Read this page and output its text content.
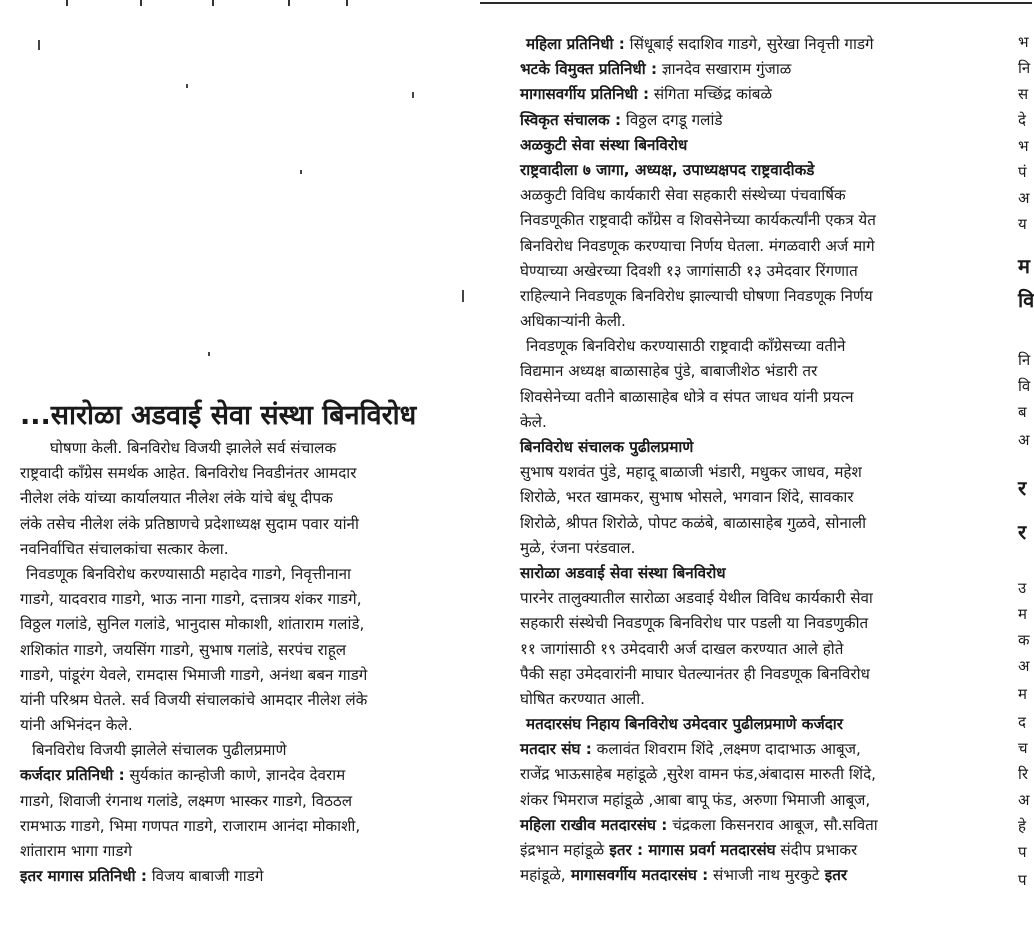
...सारोळा अडवाई सेवा संस्था बिनविरोध
घोषणा केली. बिनविरोध विजयी झालेले सर्व संचालक
राष्ट्रवादी काँग्रेस समर्थक आहेत. बिनविरोध निवडीनंतर आमदार
नीलेश लंके यांच्या कार्यालयात नीलेश लंके यांचे बंधू दीपक
लंके तसेच नीलेश लंके प्रतिष्ठाणचे प्रदेशाध्यक्ष सुदाम पवार यांनी
नवनिर्वाचित संचालकांचा सत्कार केला.
निवडणूक बिनविरोध करण्यासाठी महादेव गाडगे, निवृत्तीनाना
गाडगे, यादवराव गाडगे, भाऊ नाना गाडगे, दत्तात्रय शंकर गाडगे,
विठ्ठल गलांडे, सुनिल गलांडे, भानुदास मोकाशी, शांताराम गलांडे,
शशिकांत गाडगे, जयसिंग गाडगे, सुभाष गलांडे, सरपंच राहूल
गाडगे, पांडूरंग येवले, रामदास भिमाजी गाडगे, अनंथा बबन गाडगे
यांनी परिश्रम घेतले. सर्व विजयी संचालकांचे आमदार नीलेश लंके
यांनी अभिनंदन केले.
बिनविरोध विजयी झालेले संचालक पुढीलप्रमाणे
कर्जदार प्रतिनिधी : सुर्यकांत कान्होजी काणे, ज्ञानदेव देवराम
गाडगे, शिवाजी रंगनाथ गलांडे, लक्ष्मण भास्कर गाडगे, विठठल
रामभाऊ गाडगे, भिमा गणपत गाडगे, राजाराम आनंदा मोकाशी,
शांताराम भागा गाडगे
इतर मागास प्रतिनिधी : विजय बाबाजी गाडगे
महिला प्रतिनिधी : सिंधूबाई सदाशिव गाडगे, सुरेखा निवृत्ती गाडगे
भटके विमुक्त प्रतिनिधी : ज्ञानदेव सखाराम गुंजाळ
मागासवर्गीय प्रतिनिधी : संगिता मच्छिंद्र कांबळे
स्विकृत संचालक : विठ्ठल दगडू गलांडे
अळकुटी सेवा संस्था बिनविरोध
राष्ट्रवादीला ७ जागा, अध्यक्ष, उपाध्यक्षपद राष्ट्रवादीकडे
अळकुटी विविध कार्यकारी सेवा सहकारी संस्थेच्या पंचवार्षिक
निवडणूकीत राष्ट्रवादी कॉंग्रेस व शिवसेनेच्या कार्यकर्त्यांनी एकत्र येत
बिनविरोध निवडणूक करण्याचा निर्णय घेतला. मंगळवारी अर्ज मागे
घेण्याच्या अखेरच्या दिवशी १३ जागांसाठी १३ उमेदवार रिंगणात
राहिल्याने निवडणूक बिनविरोध झाल्याची घोषणा निवडणूक निर्णय
अधिकाऱ्यांनी केली.
निवडणूक बिनविरोध करण्यासाठी राष्ट्रवादी कॉंग्रेसच्या वतीने
विद्यमान अध्यक्ष बाळासाहेब पुंडे, बाबाजीशेठ भंडारी तर
शिवसेनेच्या वतीने बाळासाहेब धोत्रे व संपत जाधव यांनी प्रयत्न
केले.
बिनविरोध संचालक पुढीलप्रमाणे
सुभाष यशवंत पुंडे, महादू बाळाजी भंडारी, मधुकर जाधव, महेश
शिरोळे, भरत खामकर, सुभाष भोसले, भगवान शिंदे, सावकार
शिरोळे, श्रीपत शिरोळे, पोपट कळंबे, बाळासाहेब गुळवे, सोनाली
मुळे, रंजना परंडवाल.
सारोळा अडवाई सेवा संस्था बिनविरोध
पारनेर तालुक्यातील सारोळा अडवाई येथील विविध कार्यकारी सेवा
सहकारी संस्थेची निवडणूक बिनविरोध पार पडली या निवडणुकीत
११ जागांसाठी १९ उमेदवारी अर्ज दाखल करण्यात आले होते
पैकी सहा उमेदवारांनी माघार घेतल्यानंतर ही निवडणूक बिनविरोध
घोषित करण्यात आली.
मतदारसंघ निहाय बिनविरोध उमेदवार पुढीलप्रमाणे कर्जदार
मतदार संघ : कलावंत शिवराम शिंदे ,लक्ष्मण दादाभाऊ आबूज,
राजेंद्र भाऊसाहेब महांडूळे ,सुरेश वामन फंड,अंबादास मारुती शिंदे,
शंकर भिमराज महांडूळे ,आबा बापू फंड, अरुणा भिमाजी आबूज,
महिला राखीव मतदारसंघ : चंद्रकला किसनराव आबूज, सौ.सविता
इंद्रभान महांडूळे इतर : मागास प्रवर्ग मतदारसंघ संदीप प्रभाकर
महांडूळे, मागासवर्गीय मतदारसंघ : संभाजी नाथ मुरकुटे इतर
भ
नि
स
दे
भ
पं
अ
य
म
वि
नि
वि
ब
अ
र
र
उ
म
क
अ
म
द
च
रि
अ
हे
प
प
